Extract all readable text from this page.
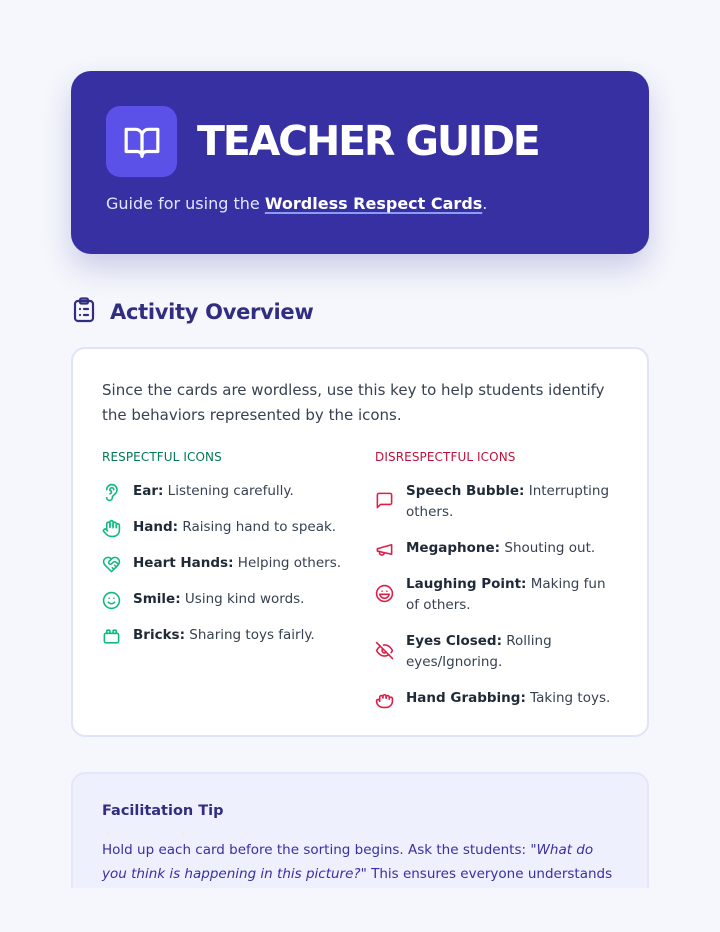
TEACHER GUIDE
Guide for using the Wordless Respect Cards.
Activity Overview
Since the cards are wordless, use this key to help students identify the behaviors represented by the icons.
RESPECTFUL ICONS
Ear: Listening carefully.
Hand: Raising hand to speak.
Heart Hands: Helping others.
Smile: Using kind words.
Bricks: Sharing toys fairly.
DISRESPECTFUL ICONS
Speech Bubble: Interrupting others.
Megaphone: Shouting out.
Laughing Point: Making fun of others.
Eyes Closed: Rolling eyes/Ignoring.
Hand Grabbing: Taking toys.
Facilitation Tip
Hold up each card before the sorting begins. Ask the students: "What do you think is happening in this picture?" This ensures everyone understands
